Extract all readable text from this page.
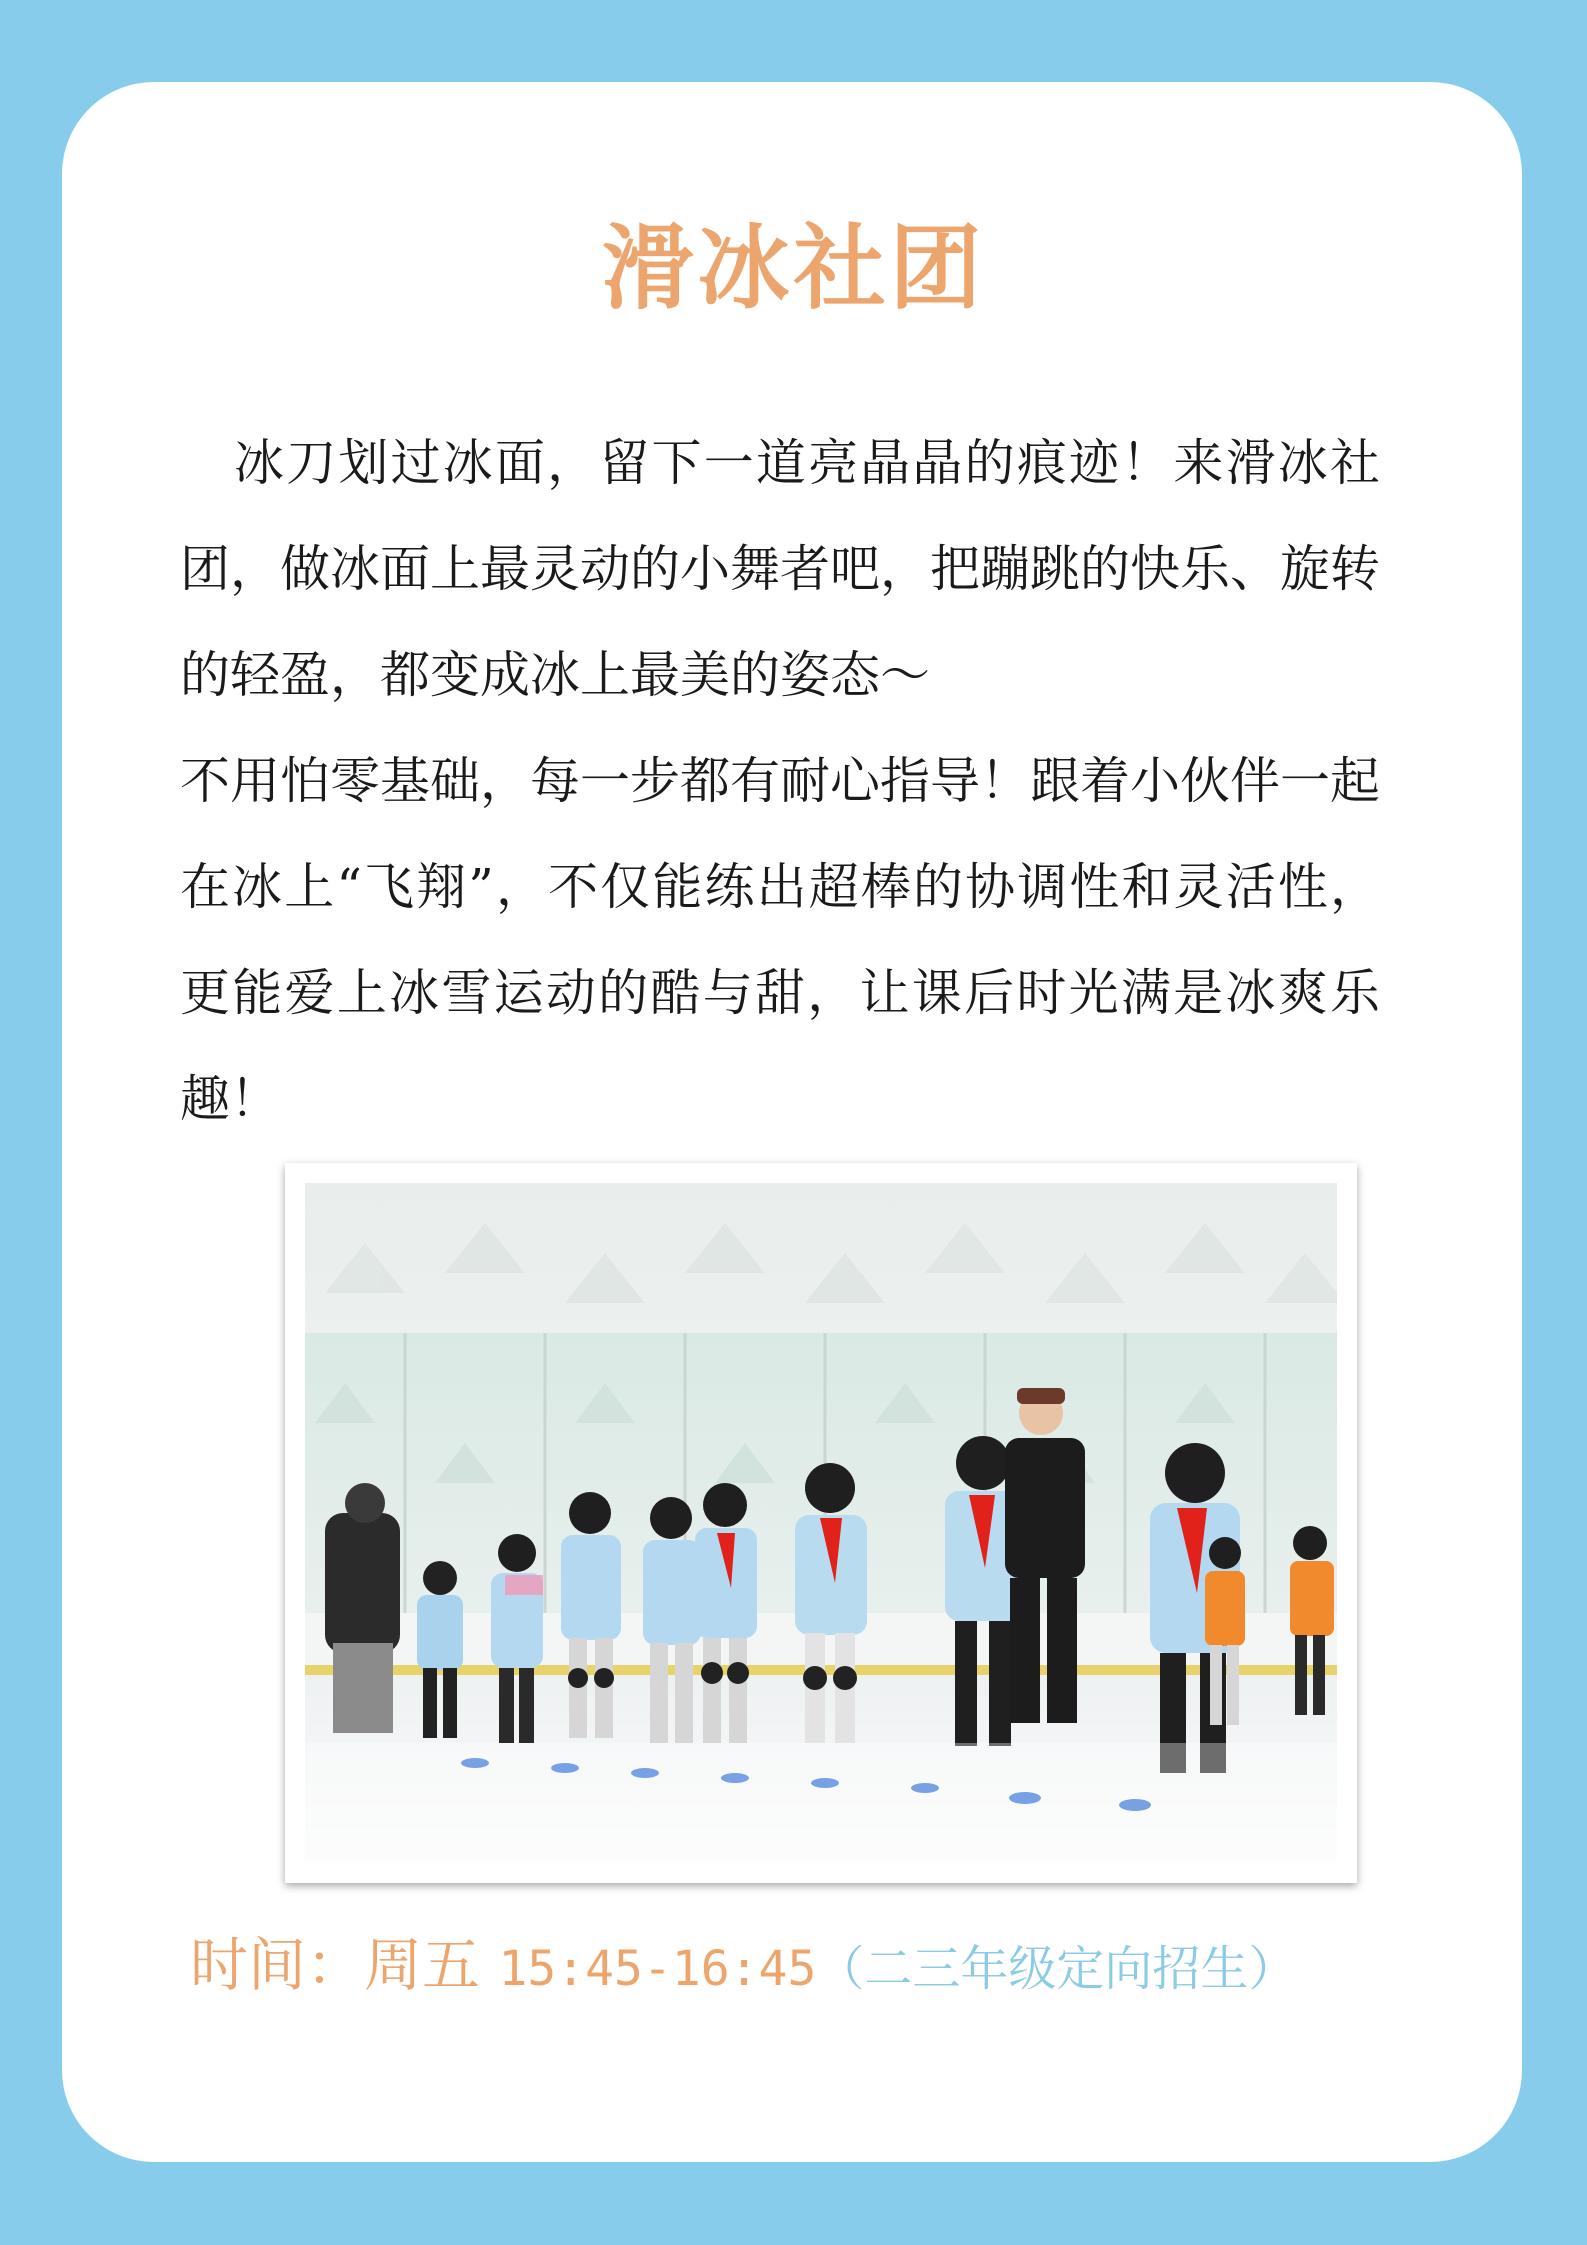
滑冰社团

冰刀划过冰面，留下一道亮晶晶的痕迹！来滑冰社团，做冰面上最灵动的小舞者吧，把蹦跳的快乐、旋转的轻盈，都变成冰上最美的姿态～

不用怕零基础，每一步都有耐心指导！跟着小伙伴一起在冰上“飞翔”，不仅能练出超棒的协调性和灵活性，更能爱上冰雪运动的酷与甜，让课后时光满是冰爽乐趣！

时间：周五 15:45-16:45（二三年级定向招生）
